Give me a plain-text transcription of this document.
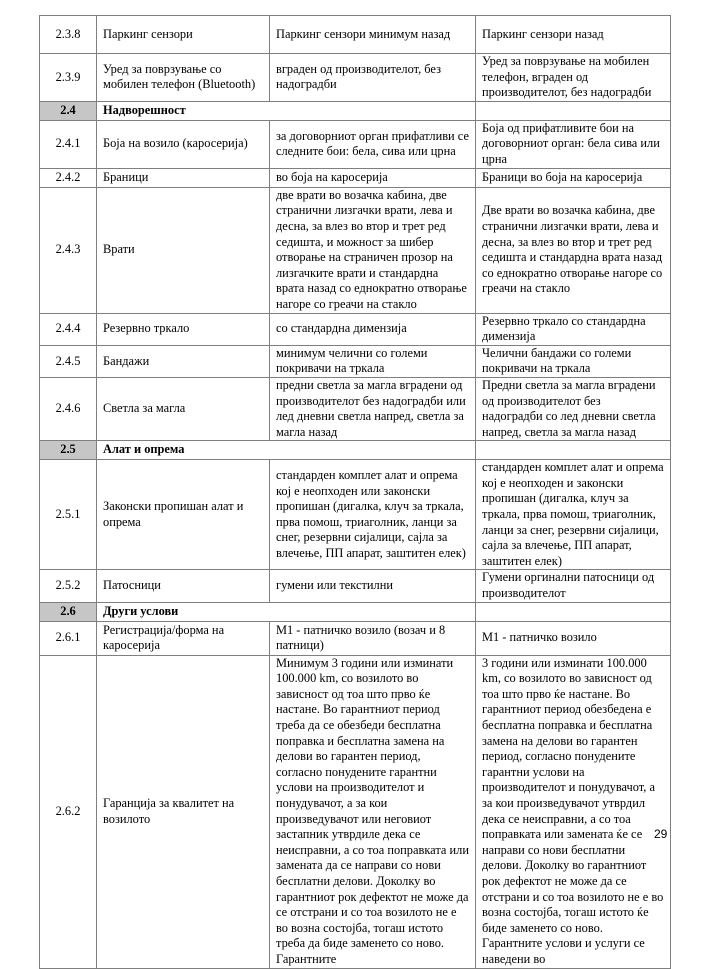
2.3.8	Паркинг сензори	Паркинг сензори минимум назад	Паркинг сензори назад
2.3.9	Уред за поврзување со мобилен телефон (Bluetooth)	вграден од производителот, без надоградби	Уред за поврзување на мобилен телефон, вграден од производителот, без надоградби
2.4	Надворешност		
2.4.1	Боја на возило (каросерија)	за договорниот орган прифатливи се следните бои: бела, сива или црна	Боја од прифатливите бои на договорниот орган: бела сива или црна
2.4.2	Браници	во боја на каросерија	Браници во боја на каросерија
2.4.3	Врати	две врати во возачка кабина, две странични лизгачки врати, лева и десна, за влез во втор и трет ред седишта, и можност за шибер отворање на страничен прозор на лизгачките врати и стандардна врата назад со еднократно отворање нагоре со греачи на стакло	Две врати во возачка кабина, две странични лизгачки врати, лева и десна, за влез во втор и трет ред седишта и стандардна врата назад со еднократно отворање нагоре со греачи на стакло
2.4.4	Резервно тркало	со стандардна димензија	Резервно тркало со стандардна димензија
2.4.5	Бандажи	минимум челични со големи покривачи на тркала	Челични бандажи со големи покривачи на тркала
2.4.6	Светла за магла	предни светла за магла вградени од производителот без надоградби или лед дневни светла напред, светла за магла назад	Предни светла за магла вградени од производителот без надоградби со лед дневни светла напред, светла за магла назад
2.5	Алат и опрема		
2.5.1	Законски пропишан алат и опрема	стандарден комплет алат и опрема кој е неопходен или законски пропишан (дигалка, клуч за тркала, прва помош, триаголник, ланци за снег, резервни сијалици, сајла за влечење, ПП апарат, заштитен елек)	стандарден комплет алат и опрема кој е неопходен и законски пропишан (дигалка, клуч за тркала, прва помош, триаголник, ланци за снег, резервни сијалици, сајла за влечење, ПП апарат, заштитен елек)
2.5.2	Патосници	гумени или текстилни	Гумени оргинални патосници од производителот
2.6	Други услови		
2.6.1	Регистрација/форма на каросерија	М1 - патничко возило (возач и 8 патници)	М1 - патничко возило
2.6.2	Гаранција за квалитет на возилото	Минимум 3 години или изминати 100.000 km, со возилото во зависност од тоа што прво ќе настане. Во гарантниот период треба да се обезбеди бесплатна поправка и бесплатна замена на делови во гарантен период, согласно понудените гарантни услови на производителот и понудувачот, а за кои произведувачот или неговиот застапник утврдиле дека се неисправни, а со тоа поправката или замената да се направи со нови бесплатни делови. Доколку во гарантниот рок дефектот не може да се отстрани и со тоа возилото не е во возна состојба, тогаш истото треба да биде заменето со ново. Гарантните	3 години или изминати 100.000 km, со возилото во зависност од тоа што прво ќе настане. Во гарантниот период обезбедена е бесплатна поправка и бесплатна замена на делови во гарантен период, согласно понудените гарантни услови на производителот и понудувачот, а за кои произведувачот утврдил дека се неисправни, а со тоа поправката или замената ќе се направи со нови бесплатни делови. Доколку во гарантниот рок дефектот не може да се отстрани и со тоа возилото не е во возна состојба, тогаш истото ќе биде заменето со ново. Гарантните услови и услуги се наведени во
29
